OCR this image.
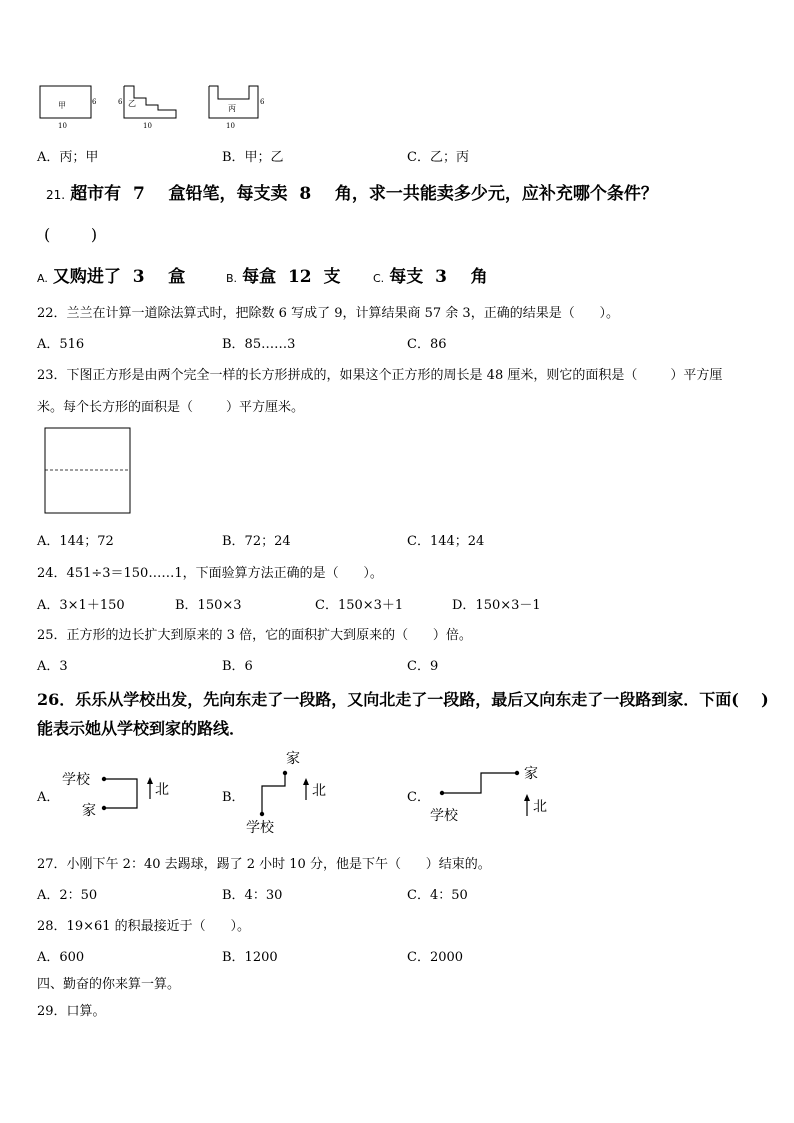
甲	6
10
乙
6
10
丙
6
10
A．丙；甲	B．甲；乙	C．乙；丙
21. 超市有  7    盒铅笔，每支卖  8    角，求一共能卖多少元，应补充哪个条件？
(        )
A. 又购进了  3    盒	B. 每盒  12  支	C. 每支  3    角
22．兰兰在计算一道除法算式时，把除数 6 写成了 9，计算结果商 57 余 3，正确的结果是（      ）。
A．516	B．85……3	C．86
23．下图正方形是由两个完全一样的长方形拼成的，如果这个正方形的周长是 48 厘米，则它的面积是（        ）平方厘
米。每个长方形的面积是（        ）平方厘米。
A．144；72	B．72；24	C．144；24
24．451÷3＝150……1，下面验算方法正确的是（      ）。
A．3×1＋150	B．150×3	C．150×3＋1	D．150×3－1
25．正方形的边长扩大到原来的 3 倍，它的面积扩大到原来的（      ）倍。
A．3	B．6	C．9
26．乐乐从学校出发，先向东走了一段路，又向北走了一段路，最后又向东走了一段路到家．下面(    )
能表示她从学校到家的路线．
A．	B．	C．
学校
家
北
家
学校
北
家
学校
北
27．小刚下午 2：40 去踢球，踢了 2 小时 10 分，他是下午（      ）结束的。
A．2：50	B．4：30	C．4：50
28．19×61 的积最接近于（      ）。
A．600	B．1200	C．2000
四、勤奋的你来算一算。
29．口算。
